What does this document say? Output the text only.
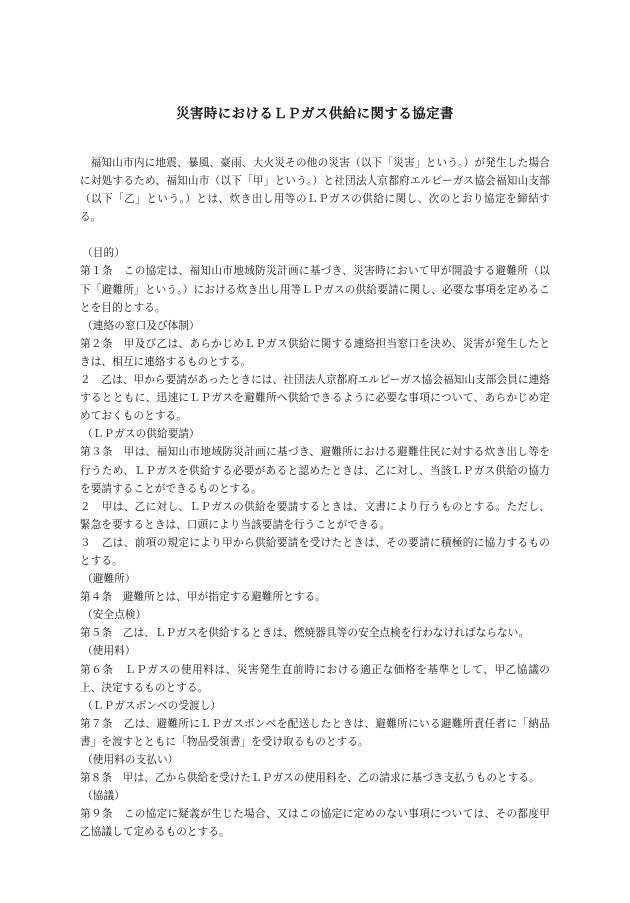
災害時におけるＬＰガス供給に関する協定書

福知山市内に地震、暴風、豪雨、大火災その他の災害（以下「災害」という。）が発生した場合に対処するため、福知山市（以下「甲」という。）と社団法人京都府エルピーガス協会福知山支部（以下「乙」という。）とは、炊き出し用等のＬＰガスの供給に関し、次のとおり協定を締結する。

（目的）

第１条　この協定は、福知山市地域防災計画に基づき、災害時において甲が開設する避難所（以下「避難所」という。）における炊き出し用等ＬＰガスの供給要請に関し、必要な事項を定めることを目的とする。

（連絡の窓口及び体制）

第２条　甲及び乙は、あらかじめＬＰガス供給に関する連絡担当窓口を決め、災害が発生したときは、相互に連絡するものとする。

２　乙は、甲から要請があったときには、社団法人京都府エルピーガス協会福知山支部会員に連絡するとともに、迅速にＬＰガスを避難所へ供給できるように必要な事項について、あらかじめ定めておくものとする。

（ＬＰガスの供給要請）

第３条　甲は、福知山市地域防災計画に基づき、避難所における避難住民に対する炊き出し等を行うため、ＬＰガスを供給する必要があると認めたときは、乙に対し、当該ＬＰガス供給の協力を要請することができるものとする。

２　甲は、乙に対し、ＬＰガスの供給を要請するときは、文書により行うものとする。ただし、緊急を要するときは、口頭により当該要請を行うことができる。

３　乙は、前項の規定により甲から供給要請を受けたときは、その要請に積極的に協力するものとする。

（避難所）

第４条　避難所とは、甲が指定する避難所とする。

（安全点検）

第５条　乙は、ＬＰガスを供給するときは、燃焼器具等の安全点検を行わなければならない。

（使用料）

第６条　ＬＰガスの使用料は、災害発生直前時における適正な価格を基準として、甲乙協議の上、決定するものとする。

（ＬＰガスボンベの受渡し）

第７条　乙は、避難所にＬＰガスボンベを配送したときは、避難所にいる避難所責任者に「納品書」を渡すとともに「物品受領書」を受け取るものとする。

（使用料の支払い）

第８条　甲は、乙から供給を受けたＬＰガスの使用料を、乙の請求に基づき支払うものとする。

（協議）

第９条　この協定に疑義が生じた場合、又はこの協定に定めのない事項については、その都度甲乙協議して定めるものとする。
